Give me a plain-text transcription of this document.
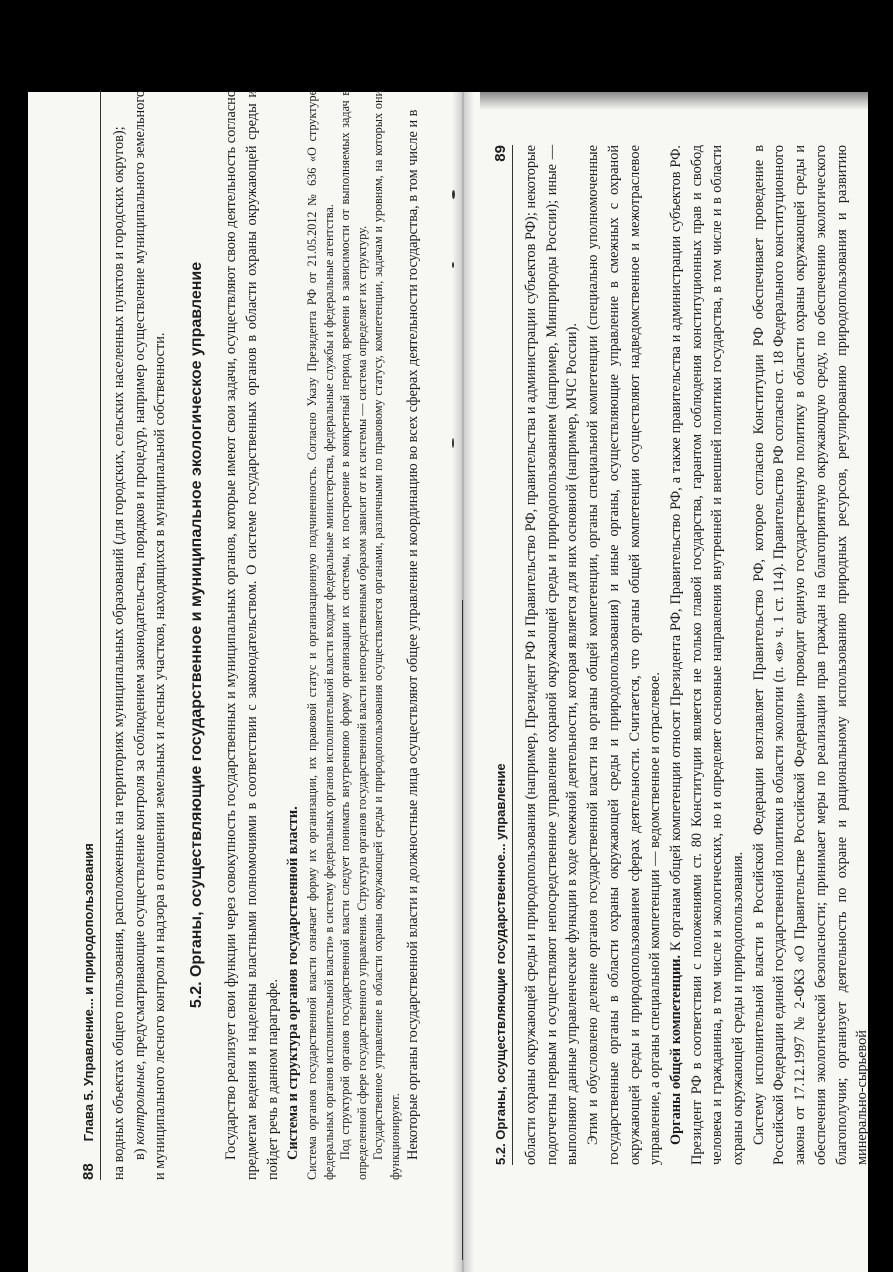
88
Глава 5. Управление... и природопользования на водных объектах общего пользования, расположенных на территориях муниципальных образований (для городских, сельских населенных пунктов и городских округов); в) контрольные, предусматривающие осуществление контроля за соблюдением законодательства, порядков и процедур, например осуществление муниципального земельного и муниципального лесного контроля и надзора в отношении земельных и лесных участков, находящихся в муниципальной собственности. 5.2. Органы, осуществляющие государственное и муниципальное экологическое управление Государство реализует свои функции через совокупность государственных и муниципальных органов, которые имеют свои задачи, осуществляют свою деятельность согласно предметам ведения и наделены властными полномочиями в соответствии с законодательством. О системе государственных органов в области охраны окружающей среды и пойдет речь в данном параграфе. Система и структура органов государственной власти. Система органов государственной власти означает форму их организации, их правовой статус и организационную подчиненность. Согласно Указу Президента РФ от 21.05.2012 № 636 «О структуре федеральных органов исполнительной власти» в систему федеральных органов исполнительной власти входят федеральные министерства, федеральные службы и федеральные агентства. Под структурой органов государственной власти следует понимать внутреннюю форму организации их системы, их построение в конкретный период времени в зависимости от выполняемых задач в определенной сфере государственного управления. Структура органов государственной власти непосредственным образом зависит от их системы — система определяет их структуру. Государственное управление в области охраны окружающей среды и природопользования осуществляется органами, различными по правовому статусу, компетенции, задачам и уровням, на которых они функционируют. Некоторые органы государственной власти и должностные лица осуществляют общее управление и координацию во всех сферах деятельности государства, в том числе и в	5.2. Органы, осуществляющие государственное... управление
89 области охраны окружающей среды и природопользования (например, Президент РФ и Правительство РФ, правительства и администрации субъектов РФ); некоторые подотчетны первым и осуществляют непосредственное управление охраной окружающей среды и природопользованием (например, Минприроды России); иные — выполняют данные управленческие функции в ходе смежной деятельности, которая является для них основной (например, МЧС России). Этим и обусловлено деление органов государственной власти на органы общей компетенции, органы специальной компетенции (специально уполномоченные государственные органы в области охраны окружающей среды и природопользования) и иные органы, осуществляющие управление в смежных с охраной окружающей среды и природопользованием сферах деятельности. Считается, что органы общей компетенции осуществляют надведомственное и межотраслевое управление, а органы специальной компетенции — ведомственное и отраслевое. Органы общей компетенции. К органам общей компетенции относят Президента РФ, Правительство РФ, а также правительства и администрации субъектов РФ. Президент РФ в соответствии с положениями ст. 80 Конституции является не только главой государства, гарантом соблюдения конституционных прав и свобод человека и гражданина, в том числе и экологических, но и определяет основные направления внутренней и внешней политики государства, в том числе и в области охраны окружающей среды и природопользования. Систему исполнительной власти в Российской Федерации возглавляет Правительство РФ, которое согласно Конституции РФ обеспечивает проведение в Российской Федерации единой государственной политики в области экологии (п. «в» ч. 1 ст. 114). Правительство РФ согласно ст. 18 Федерального конституционного закона от 17.12.1997 № 2-ФКЗ «О Правительстве Российской Федерации» проводит единую государственную политику в области охраны окружающей среды и обеспечения экологической безопасности; принимает меры по реализации прав граждан на благоприятную окружающую среду, по обеспечению экологического благополучия; организует деятельность по охране и рациональному использованию природных ресурсов, регулированию природопользования и развитию минерально-сырьевой
